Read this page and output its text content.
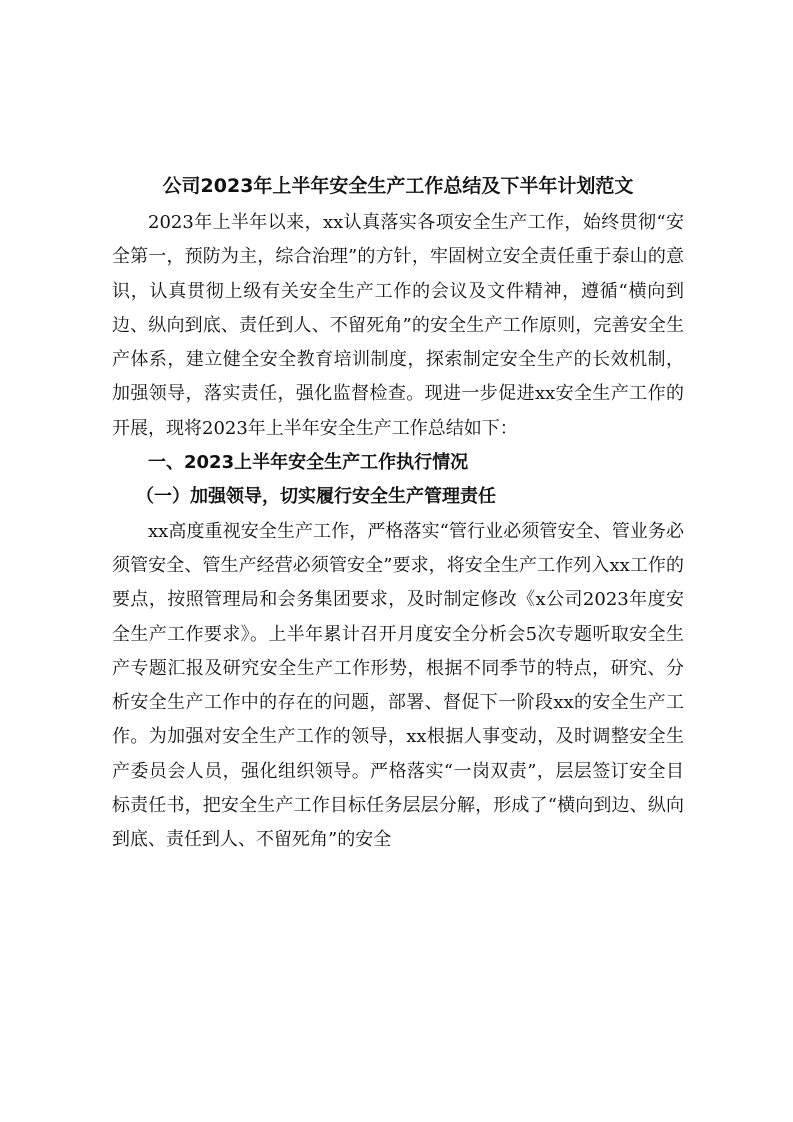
公司2023年上半年安全生产工作总结及下半年计划范文

2023年上半年以来，xx认真落实各项安全生产工作，始终贯彻“安全第一，预防为主，综合治理”的方针，牢固树立安全责任重于泰山的意识，认真贯彻上级有关安全生产工作的会议及文件精神，遵循“横向到边、纵向到底、责任到人、不留死角”的安全生产工作原则，完善安全生产体系，建立健全安全教育培训制度，探索制定安全生产的长效机制，加强领导，落实责任，强化监督检查。现进一步促进xx安全生产工作的开展，现将2023年上半年安全生产工作总结如下：

一、2023上半年安全生产工作执行情况

（一）加强领导，切实履行安全生产管理责任

xx高度重视安全生产工作，严格落实“管行业必须管安全、管业务必须管安全、管生产经营必须管安全”要求，将安全生产工作列入xx工作的要点，按照管理局和会务集团要求，及时制定修改《x公司2023年度安全生产工作要求》。上半年累计召开月度安全分析会5次专题听取安全生产专题汇报及研究安全生产工作形势，根据不同季节的特点，研究、分析安全生产工作中的存在的问题，部署、督促下一阶段xx的安全生产工作。为加强对安全生产工作的领导，xx根据人事变动，及时调整安全生产委员会人员，强化组织领导。严格落实“一岗双责”，层层签订安全目标责任书，把安全生产工作目标任务层层分解，形成了“横向到边、纵向到底、责任到人、不留死角”的安全
